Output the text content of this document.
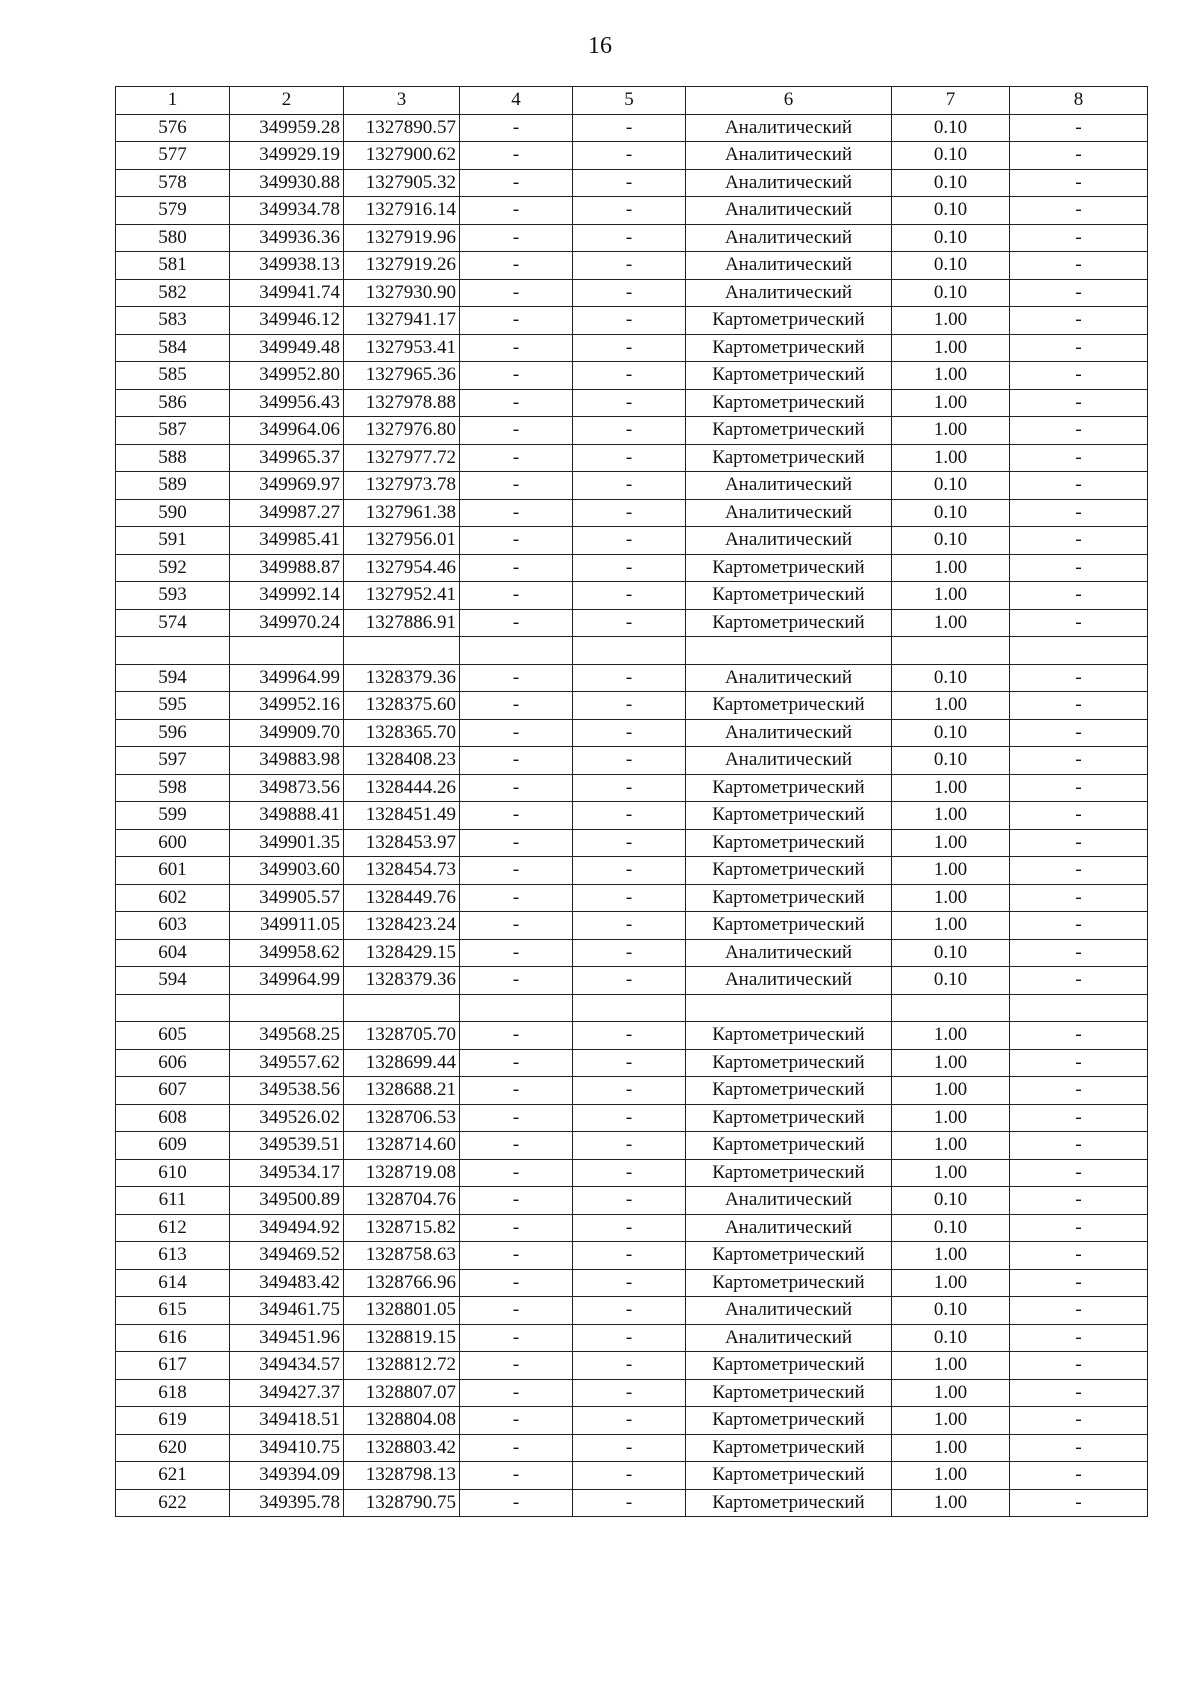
16
1	2	3	4	5	6	7	8
576	349959.28	1327890.57	-	-	Аналитический	0.10	-
577	349929.19	1327900.62	-	-	Аналитический	0.10	-
578	349930.88	1327905.32	-	-	Аналитический	0.10	-
579	349934.78	1327916.14	-	-	Аналитический	0.10	-
580	349936.36	1327919.96	-	-	Аналитический	0.10	-
581	349938.13	1327919.26	-	-	Аналитический	0.10	-
582	349941.74	1327930.90	-	-	Аналитический	0.10	-
583	349946.12	1327941.17	-	-	Картометрический	1.00	-
584	349949.48	1327953.41	-	-	Картометрический	1.00	-
585	349952.80	1327965.36	-	-	Картометрический	1.00	-
586	349956.43	1327978.88	-	-	Картометрический	1.00	-
587	349964.06	1327976.80	-	-	Картометрический	1.00	-
588	349965.37	1327977.72	-	-	Картометрический	1.00	-
589	349969.97	1327973.78	-	-	Аналитический	0.10	-
590	349987.27	1327961.38	-	-	Аналитический	0.10	-
591	349985.41	1327956.01	-	-	Аналитический	0.10	-
592	349988.87	1327954.46	-	-	Картометрический	1.00	-
593	349992.14	1327952.41	-	-	Картометрический	1.00	-
574	349970.24	1327886.91	-	-	Картометрический	1.00	-

594	349964.99	1328379.36	-	-	Аналитический	0.10	-
595	349952.16	1328375.60	-	-	Картометрический	1.00	-
596	349909.70	1328365.70	-	-	Аналитический	0.10	-
597	349883.98	1328408.23	-	-	Аналитический	0.10	-
598	349873.56	1328444.26	-	-	Картометрический	1.00	-
599	349888.41	1328451.49	-	-	Картометрический	1.00	-
600	349901.35	1328453.97	-	-	Картометрический	1.00	-
601	349903.60	1328454.73	-	-	Картометрический	1.00	-
602	349905.57	1328449.76	-	-	Картометрический	1.00	-
603	349911.05	1328423.24	-	-	Картометрический	1.00	-
604	349958.62	1328429.15	-	-	Аналитический	0.10	-
594	349964.99	1328379.36	-	-	Аналитический	0.10	-

605	349568.25	1328705.70	-	-	Картометрический	1.00	-
606	349557.62	1328699.44	-	-	Картометрический	1.00	-
607	349538.56	1328688.21	-	-	Картометрический	1.00	-
608	349526.02	1328706.53	-	-	Картометрический	1.00	-
609	349539.51	1328714.60	-	-	Картометрический	1.00	-
610	349534.17	1328719.08	-	-	Картометрический	1.00	-
611	349500.89	1328704.76	-	-	Аналитический	0.10	-
612	349494.92	1328715.82	-	-	Аналитический	0.10	-
613	349469.52	1328758.63	-	-	Картометрический	1.00	-
614	349483.42	1328766.96	-	-	Картометрический	1.00	-
615	349461.75	1328801.05	-	-	Аналитический	0.10	-
616	349451.96	1328819.15	-	-	Аналитический	0.10	-
617	349434.57	1328812.72	-	-	Картометрический	1.00	-
618	349427.37	1328807.07	-	-	Картометрический	1.00	-
619	349418.51	1328804.08	-	-	Картометрический	1.00	-
620	349410.75	1328803.42	-	-	Картометрический	1.00	-
621	349394.09	1328798.13	-	-	Картометрический	1.00	-
622	349395.78	1328790.75	-	-	Картометрический	1.00	-
